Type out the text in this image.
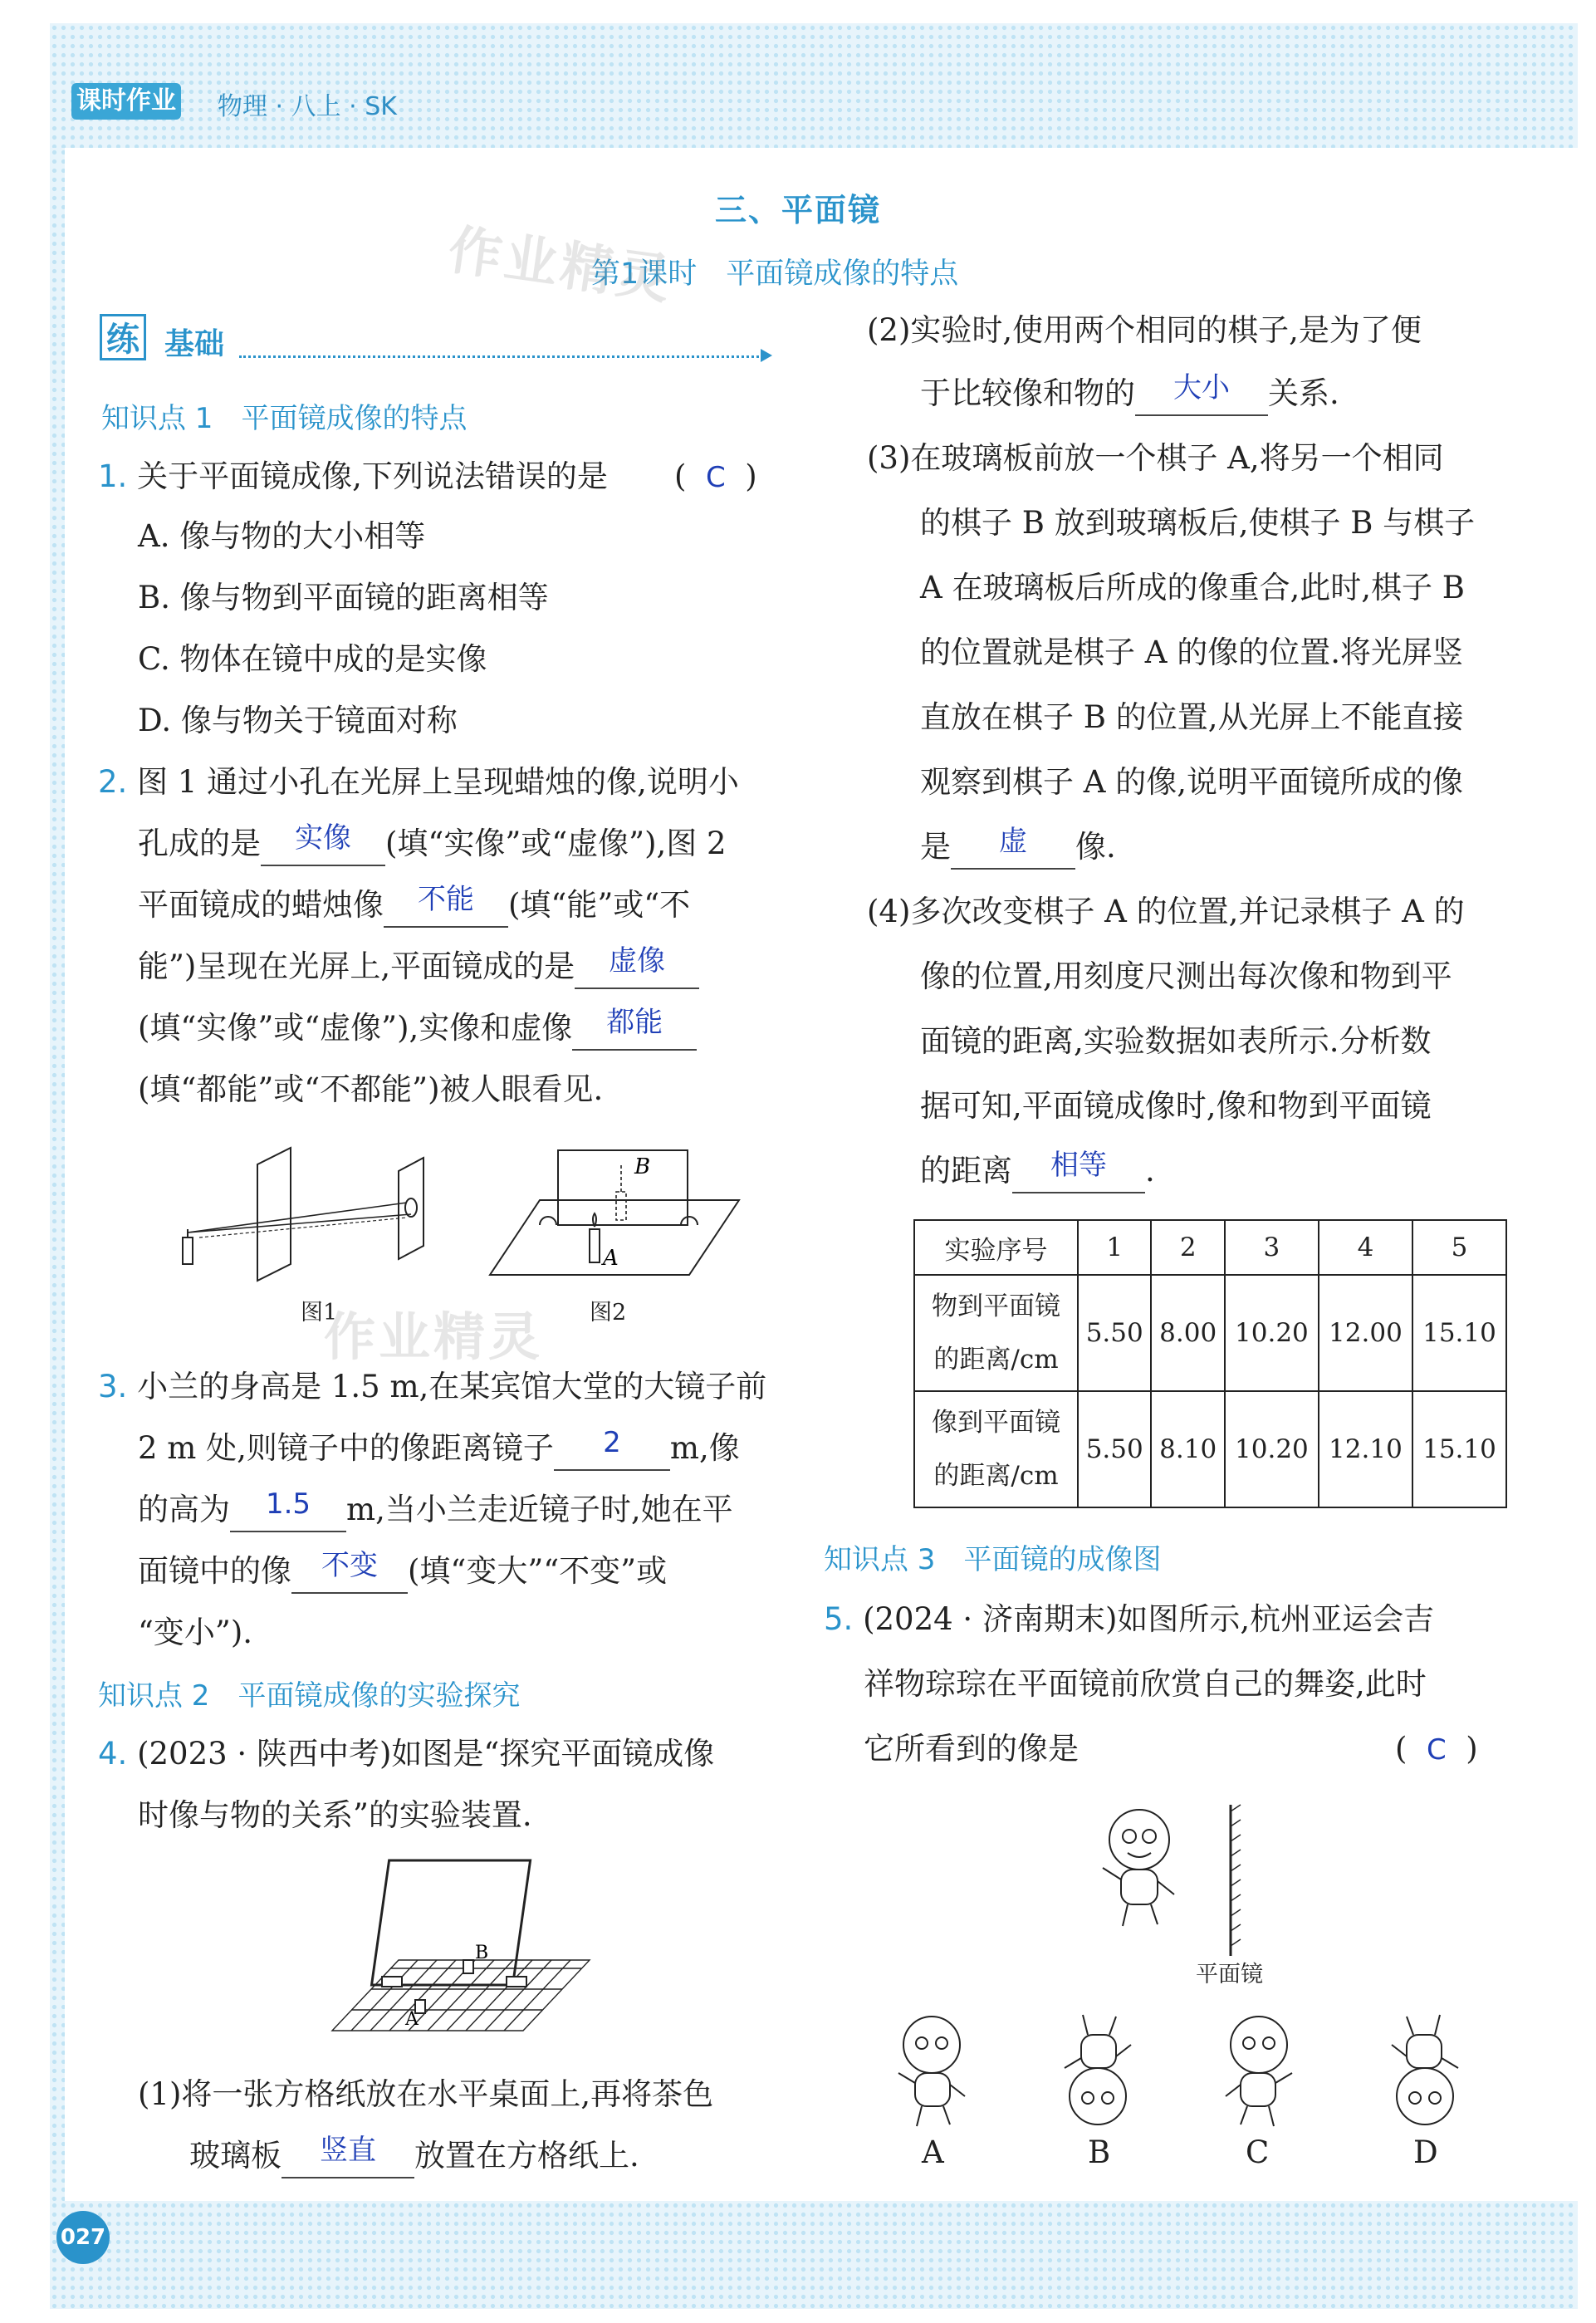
课时作业 物理 · 八上 · SK
三、平面镜
第1课时　平面镜成像的特点
作业精灵
作业精灵
练 基础
知识点 1　平面镜成像的特点
1. 关于平面镜成像,下列说法错误的是 (  C  )
A. 像与物的大小相等
B. 像与物到平面镜的距离相等
C. 物体在镜中成的是实像
D. 像与物关于镜面对称
2. 图 1 通过小孔在光屏上呈现蜡烛的像,说明小
孔成的是 实像 (填“实像”或“虚像”),图 2
平面镜成的蜡烛像 不能 (填“能”或“不
能”)呈现在光屏上,平面镜成的是 虚像
(填“实像”或“虚像”),实像和虚像 都能
(填“都能”或“不都能”)被人眼看见.
图1
B
A
图2
3. 小兰的身高是 1.5 m,在某宾馆大堂的大镜子前
2 m 处,则镜子中的像距离镜子 2 m,像
的高为 1.5 m,当小兰走近镜子时,她在平
面镜中的像 不变 (填“变大”“不变”或
“变小”).
知识点 2　平面镜成像的实验探究
4. (2023 · 陕西中考)如图是“探究平面镜成像
时像与物的关系”的实验装置.
A
B
(1)将一张方格纸放在水平桌面上,再将茶色
玻璃板 竖直 放置在方格纸上.
(2)实验时,使用两个相同的棋子,是为了便
于比较像和物的 大小 关系.
(3)在玻璃板前放一个棋子 A,将另一个相同
的棋子 B 放到玻璃板后,使棋子 B 与棋子
A 在玻璃板后所成的像重合,此时,棋子 B
的位置就是棋子 A 的像的位置.将光屏竖
直放在棋子 B 的位置,从光屏上不能直接
观察到棋子 A 的像,说明平面镜所成的像
是 虚 像.
(4)多次改变棋子 A 的位置,并记录棋子 A 的
像的位置,用刻度尺测出每次像和物到平
面镜的距离,实验数据如表所示.分析数
据可知,平面镜成像时,像和物到平面镜
的距离 相等 .
实验序号	1	2	3	4	5

物到平面镜
的距离/cm	5.50	8.00	10.20	12.00	15.10

像到平面镜
的距离/cm	5.50	8.10	10.20	12.10	15.10
知识点 3　平面镜的成像图
5. (2024 · 济南期末)如图所示,杭州亚运会吉
祥物琮琮在平面镜前欣赏自己的舞姿,此时
它所看到的像是	(  C  )
平面镜
A	B	C	D
027
